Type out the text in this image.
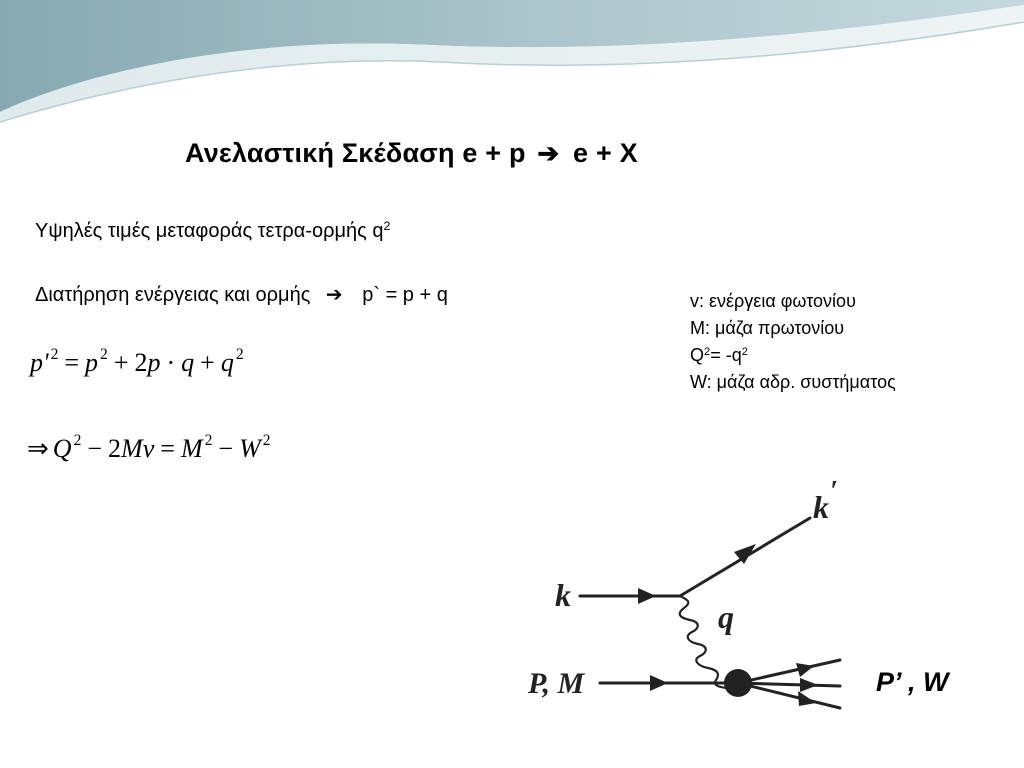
Ανελαστική Σκέδαση e + p ➔ e + X
Υψηλές τιμές μεταφοράς τετρα-ορμής $q^2$
Διατήρηση ενέργειας και ορμής ➔ p` = p + q
p' $^2$ = p $^2$ + 2p · q + q $^2$
⇒ Q $^2$ − 2Mv = M $^2$ − W $^2$
v: ενέργεια φωτονίου
M: μάζα πρωτονίου
$Q^2= -q^2$
W: μάζα αδρ. συστήματος
k
k ′
q
P, M	P’ , W
